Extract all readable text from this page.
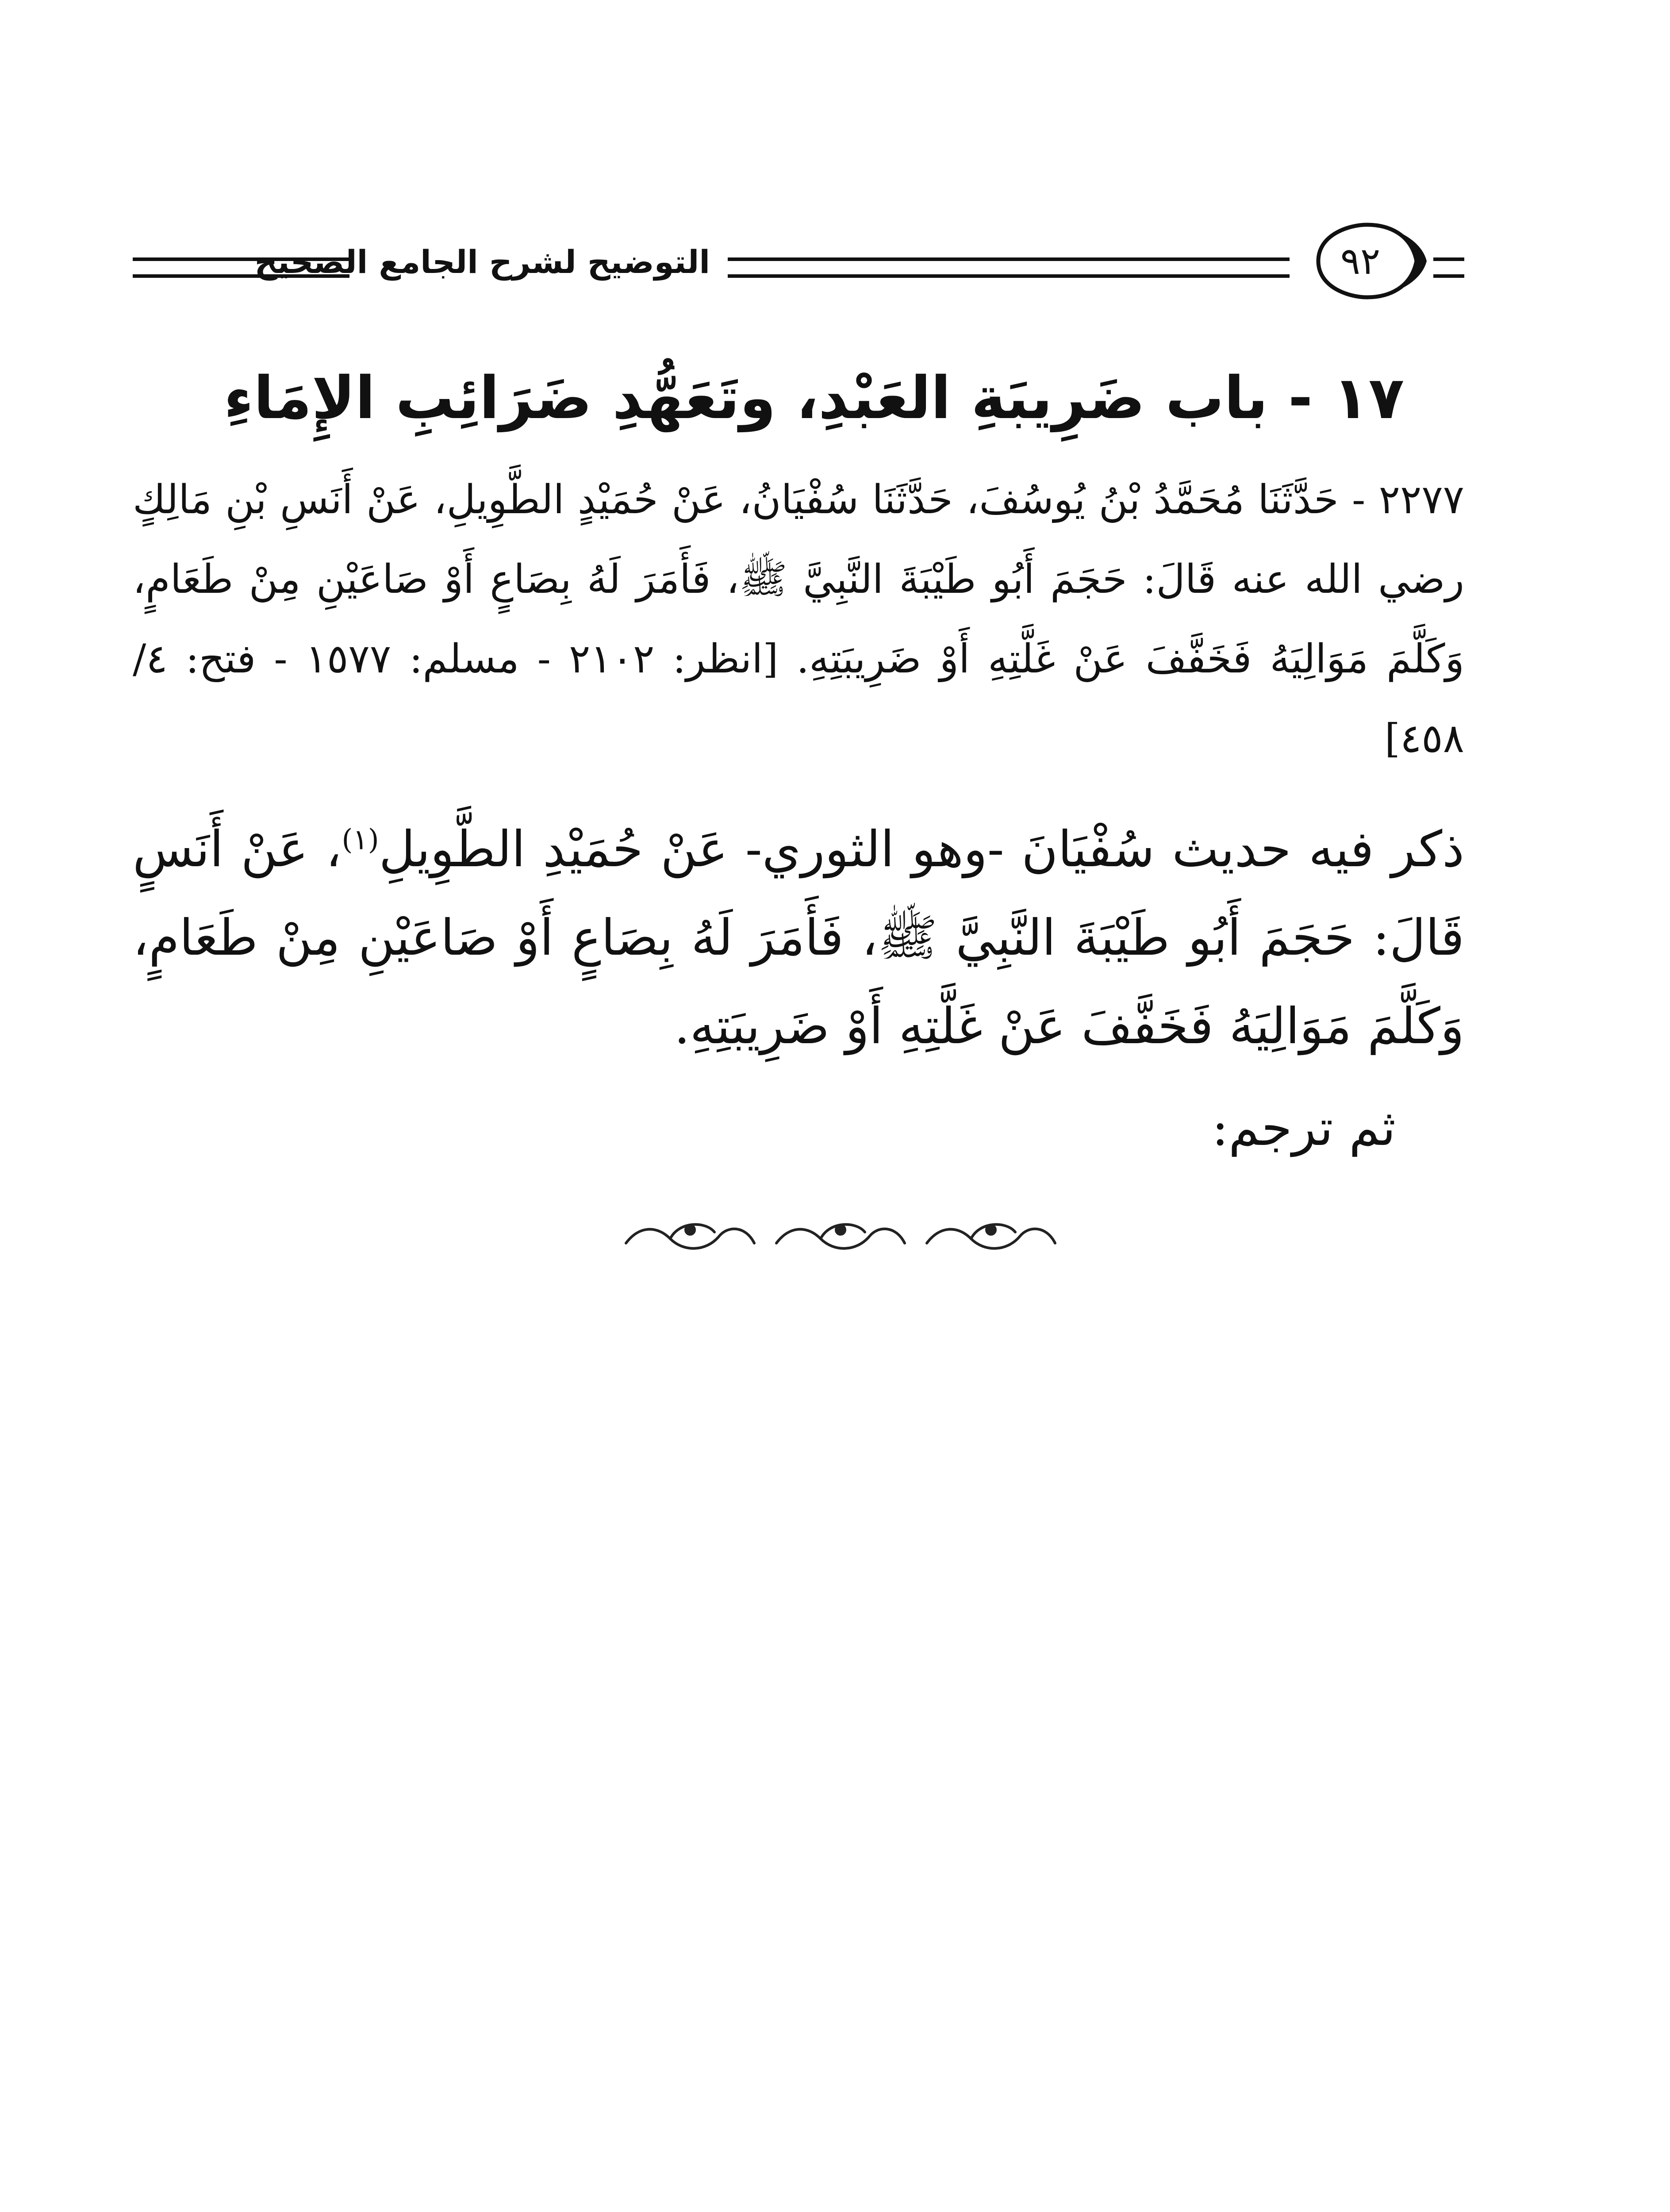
التوضيح لشرح الجامع الصحيح	٩٢
١٧ - باب ضَرِيبَةِ العَبْدِ، وتَعَهُّدِ ضَرَائِبِ الإِمَاءِ
٢٢٧٧ - حَدَّثَنَا مُحَمَّدُ بْنُ يُوسُفَ، حَدَّثَنَا سُفْيَانُ، عَنْ حُمَيْدٍ الطَّوِيلِ، عَنْ أَنَسِ بْنِ مَالِكٍ رضي الله عنه قَالَ: حَجَمَ أَبُو طَيْبَةَ النَّبِيَّ ﷺ، فَأَمَرَ لَهُ بِصَاعٍ أَوْ صَاعَيْنِ مِنْ طَعَامٍ، وَكَلَّمَ مَوَالِيَهُ فَخَفَّفَ عَنْ غَلَّتِهِ أَوْ ضَرِيبَتِهِ. [انظر: ٢١٠٢ - مسلم: ١٥٧٧ - فتح: ٤/ ٤٥٨]
ذكر فيه حديث سُفْيَانَ -وهو الثوري- عَنْ حُمَيْدِ الطَّوِيلِ$^{(١)}$، عَنْ أَنَسٍ قَالَ: حَجَمَ أَبُو طَيْبَةَ النَّبِيَّ ﷺ، فَأَمَرَ لَهُ بِصَاعٍ أَوْ صَاعَيْنِ مِنْ طَعَامٍ، وَكَلَّمَ مَوَالِيَهُ فَخَفَّفَ عَنْ غَلَّتِهِ أَوْ ضَرِيبَتِهِ.
ثم ترجم:
